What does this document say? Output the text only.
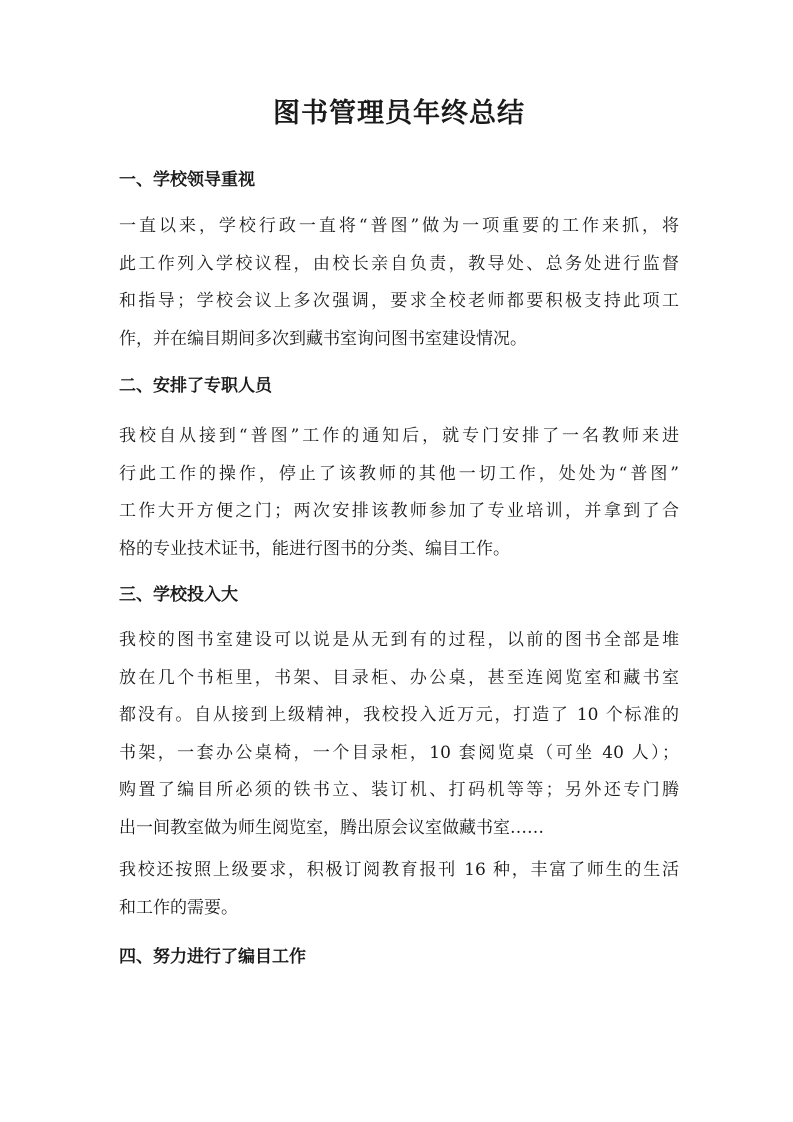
图书管理员年终总结
一、学校领导重视
一直以来，学校行政一直将“普图”做为一项重要的工作来抓，将
此工作列入学校议程，由校长亲自负责，教导处、总务处进行监督
和指导；学校会议上多次强调，要求全校老师都要积极支持此项工
作，并在编目期间多次到藏书室询问图书室建设情况。
二、安排了专职人员
我校自从接到“普图”工作的通知后，就专门安排了一名教师来进
行此工作的操作，停止了该教师的其他一切工作，处处为“普图”
工作大开方便之门；两次安排该教师参加了专业培训，并拿到了合
格的专业技术证书，能进行图书的分类、编目工作。
三、学校投入大
我校的图书室建设可以说是从无到有的过程，以前的图书全部是堆
放在几个书柜里，书架、目录柜、办公桌，甚至连阅览室和藏书室
都没有。自从接到上级精神，我校投入近万元，打造了 10 个标准的
书架，一套办公桌椅，一个目录柜，10 套阅览桌（可坐 40 人）；
购置了编目所必须的铁书立、装订机、打码机等等；另外还专门腾
出一间教室做为师生阅览室，腾出原会议室做藏书室……
我校还按照上级要求，积极订阅教育报刊 16 种，丰富了师生的生活
和工作的需要。
四、努力进行了编目工作
